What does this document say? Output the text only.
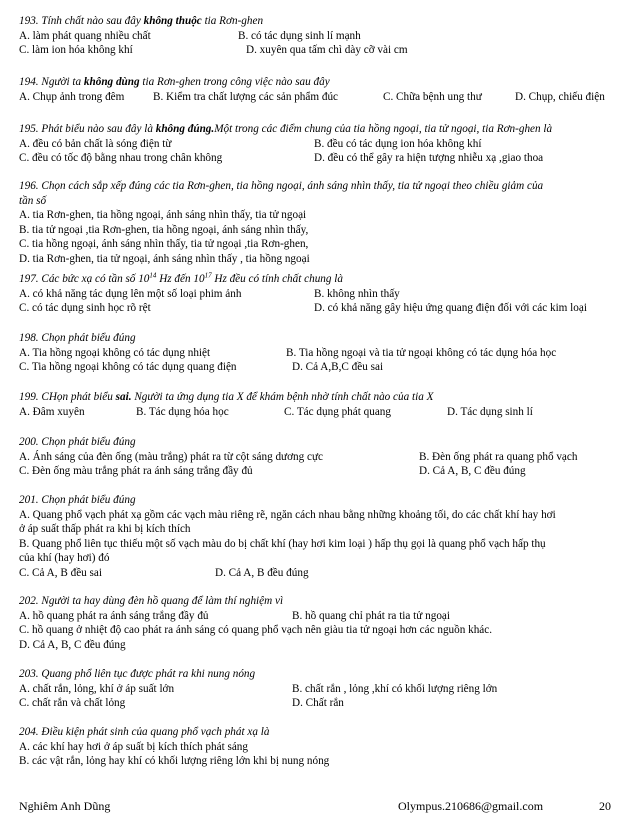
193. Tính chất nào sau đây không thuộc tia Rơn-ghen
A. làm phát quang nhiều chất	B. có tác dụng sinh lí mạnh
C. làm ion hóa không khí	D. xuyên qua tấm chì dày cỡ vài cm
194. Người ta không dùng tia Rơn-ghen trong công việc nào sau đây
A. Chụp ảnh trong đêm	B. Kiểm tra chất lượng các sản phẩm đúc	C. Chữa bệnh ung thư	D. Chụp, chiếu điện
195. Phát biểu nào sau đây là không đúng.Một trong các điểm chung của tia hồng ngoại, tia tử ngoại, tia Rơn-ghen là
A. đều có bản chất là sóng điện từ	B. đều có tác dụng ion hóa không khí
C. đều có tốc độ bằng nhau trong chân không	D. đều có thể gây ra hiện tượng nhiễu xạ ,giao thoa
196. Chọn cách sắp xếp đúng các tia Rơn-ghen, tia hồng ngoại, ánh sáng nhìn thấy, tia tử ngoại theo chiều giảm của
tần số
A. tia Rơn-ghen, tia hồng ngoại, ánh sáng nhìn thấy, tia tử ngoại
B. tia tử ngoại ,tia Rơn-ghen, tia hồng ngoại, ánh sáng nhìn thấy,
C. tia hồng ngoại, ánh sáng nhìn thấy, tia tử ngoại ,tia Rơn-ghen,
D. tia Rơn-ghen, tia tử ngoại, ánh sáng nhìn thấy , tia hồng ngoại
197. Các bức xạ có tần số $10^{14}$ Hz đến $10^{17}$ Hz đều có tính chất chung là
A. có khả năng tác dụng lên một số loại phim ảnh	B. không nhìn thấy
C. có tác dụng sinh học rõ rệt	D. có khả năng gây hiệu ứng quang điện đối với các kim loại
198. Chọn phát biểu đúng
A. Tia hồng ngoại không có tác dụng nhiệt	B. Tia hồng ngoại và tia tử ngoại không có tác dụng hóa học
C. Tia hồng ngoại không có tác dụng quang điện	D. Cả A,B,C đều sai
199. CHọn phát biểu sai. Người ta ứng dụng tia X để khám bệnh nhờ tính chất nào của tia X
A. Đâm xuyên	B. Tác dụng hóa học	C. Tác dụng phát quang	D. Tác dụng sinh lí
200. Chọn phát biểu đúng
A. Ánh sáng của đèn ống (màu trắng) phát ra từ cột sáng dương cực	B. Đèn ống phát ra quang phổ vạch
C. Đèn ống màu trắng phát ra ánh sáng trắng đầy đủ	D. Cả A, B, C đều đúng
201. Chọn phát biểu đúng
A. Quang phổ vạch phát xạ gồm các vạch màu riêng rẽ, ngăn cách nhau bằng những khoảng tối, do các chất khí hay hơi
ở áp suất thấp phát ra khi bị kích thích
B. Quang phổ liên tục thiếu một số vạch màu do bị chất khí (hay hơi kim loại ) hấp thụ gọi là quang phổ vạch hấp thụ
của khí (hay hơi) đó
C. Cả A, B đều sai	D. Cả A, B đều đúng
202. Người ta hay dùng đèn hồ quang để làm thí nghiệm vì
A. hồ quang phát ra ánh sáng trắng đầy đủ	B. hồ quang chỉ phát ra tia tử ngoại
C. hồ quang ở nhiệt độ cao phát ra ánh sáng có quang phổ vạch nên giàu tia tử ngoại hơn các nguồn khác.
D. Cả A, B, C đều đúng
203. Quang phổ liên tục được phát ra khi nung nóng
A. chất rắn, lỏng, khí ở áp suất lớn	B. chất rắn , lỏng ,khí có khối lượng riêng lớn
C. chất rắn và chất lỏng	D. Chất rắn
204. Điều kiện phát sinh của quang phổ vạch phát xạ là
A. các khí hay hơi ở áp suất bị kích thích phát sáng
B. các vật rắn, lỏng hay khí có khối lượng riêng lớn khi bị nung nóng
Nghiêm Anh Dũng	Olympus.210686@gmail.com	20
